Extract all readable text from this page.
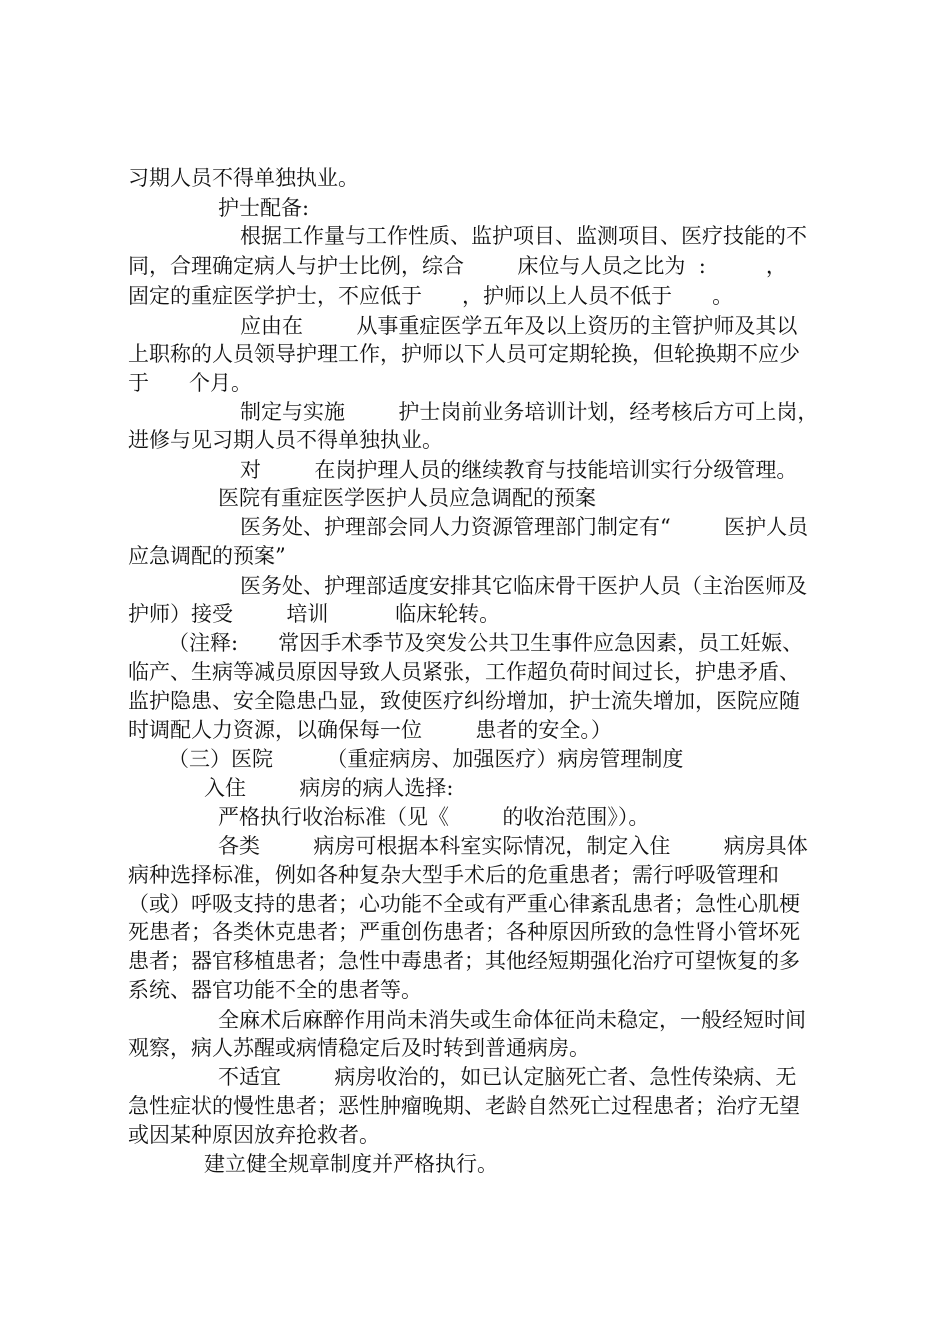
习期人员不得单独执业。
护士配备:
根据工作量与工作性质、监护项目、监测项目、医疗技能的不
同，合理确定病人与护士比例，综合        床位与人员之比为  :         ，
固定的重症医学护士，不应低于      ，护师以上人员不低于      。
应由在        从事重症医学五年及以上资历的主管护师及其以
上职称的人员领导护理工作，护师以下人员可定期轮换，但轮换期不应少
于      个月。
制定与实施        护士岗前业务培训计划，经考核后方可上岗，
进修与见习期人员不得单独执业。
对        在岗护理人员的继续教育与技能培训实行分级管理。
医院有重症医学医护人员应急调配的预案
医务处、护理部会同人力资源管理部门制定有“        医护人员
应急调配的预案”
医务处、护理部适度安排其它临床骨干医护人员（主治医师及
护师）接受        培训          临床轮转。
（注释:      常因手术季节及突发公共卫生事件应急因素，员工妊娠、
临产、生病等减员原因导致人员紧张，工作超负荷时间过长，护患矛盾、
监护隐患、安全隐患凸显，致使医疗纠纷增加，护士流失增加，医院应随
时调配人力资源，以确保每一位        患者的安全。）
（三）医院        （重症病房、加强医疗）病房管理制度
入住        病房的病人选择:
严格执行收治标准（见《        的收治范围》）。
各类        病房可根据本科室实际情况，制定入住        病房具体
病种选择标准，例如各种复杂大型手术后的危重患者；需行呼吸管理和
（或）呼吸支持的患者；心功能不全或有严重心律紊乱患者；急性心肌梗
死患者；各类休克患者；严重创伤患者；各种原因所致的急性肾小管坏死
患者；器官移植患者；急性中毒患者；其他经短期强化治疗可望恢复的多
系统、器官功能不全的患者等。
全麻术后麻醉作用尚未消失或生命体征尚未稳定，一般经短时间
观察，病人苏醒或病情稳定后及时转到普通病房。
不适宜        病房收治的，如已认定脑死亡者、急性传染病、无
急性症状的慢性患者；恶性肿瘤晚期、老龄自然死亡过程患者；治疗无望
或因某种原因放弃抢救者。
建立健全规章制度并严格执行。
